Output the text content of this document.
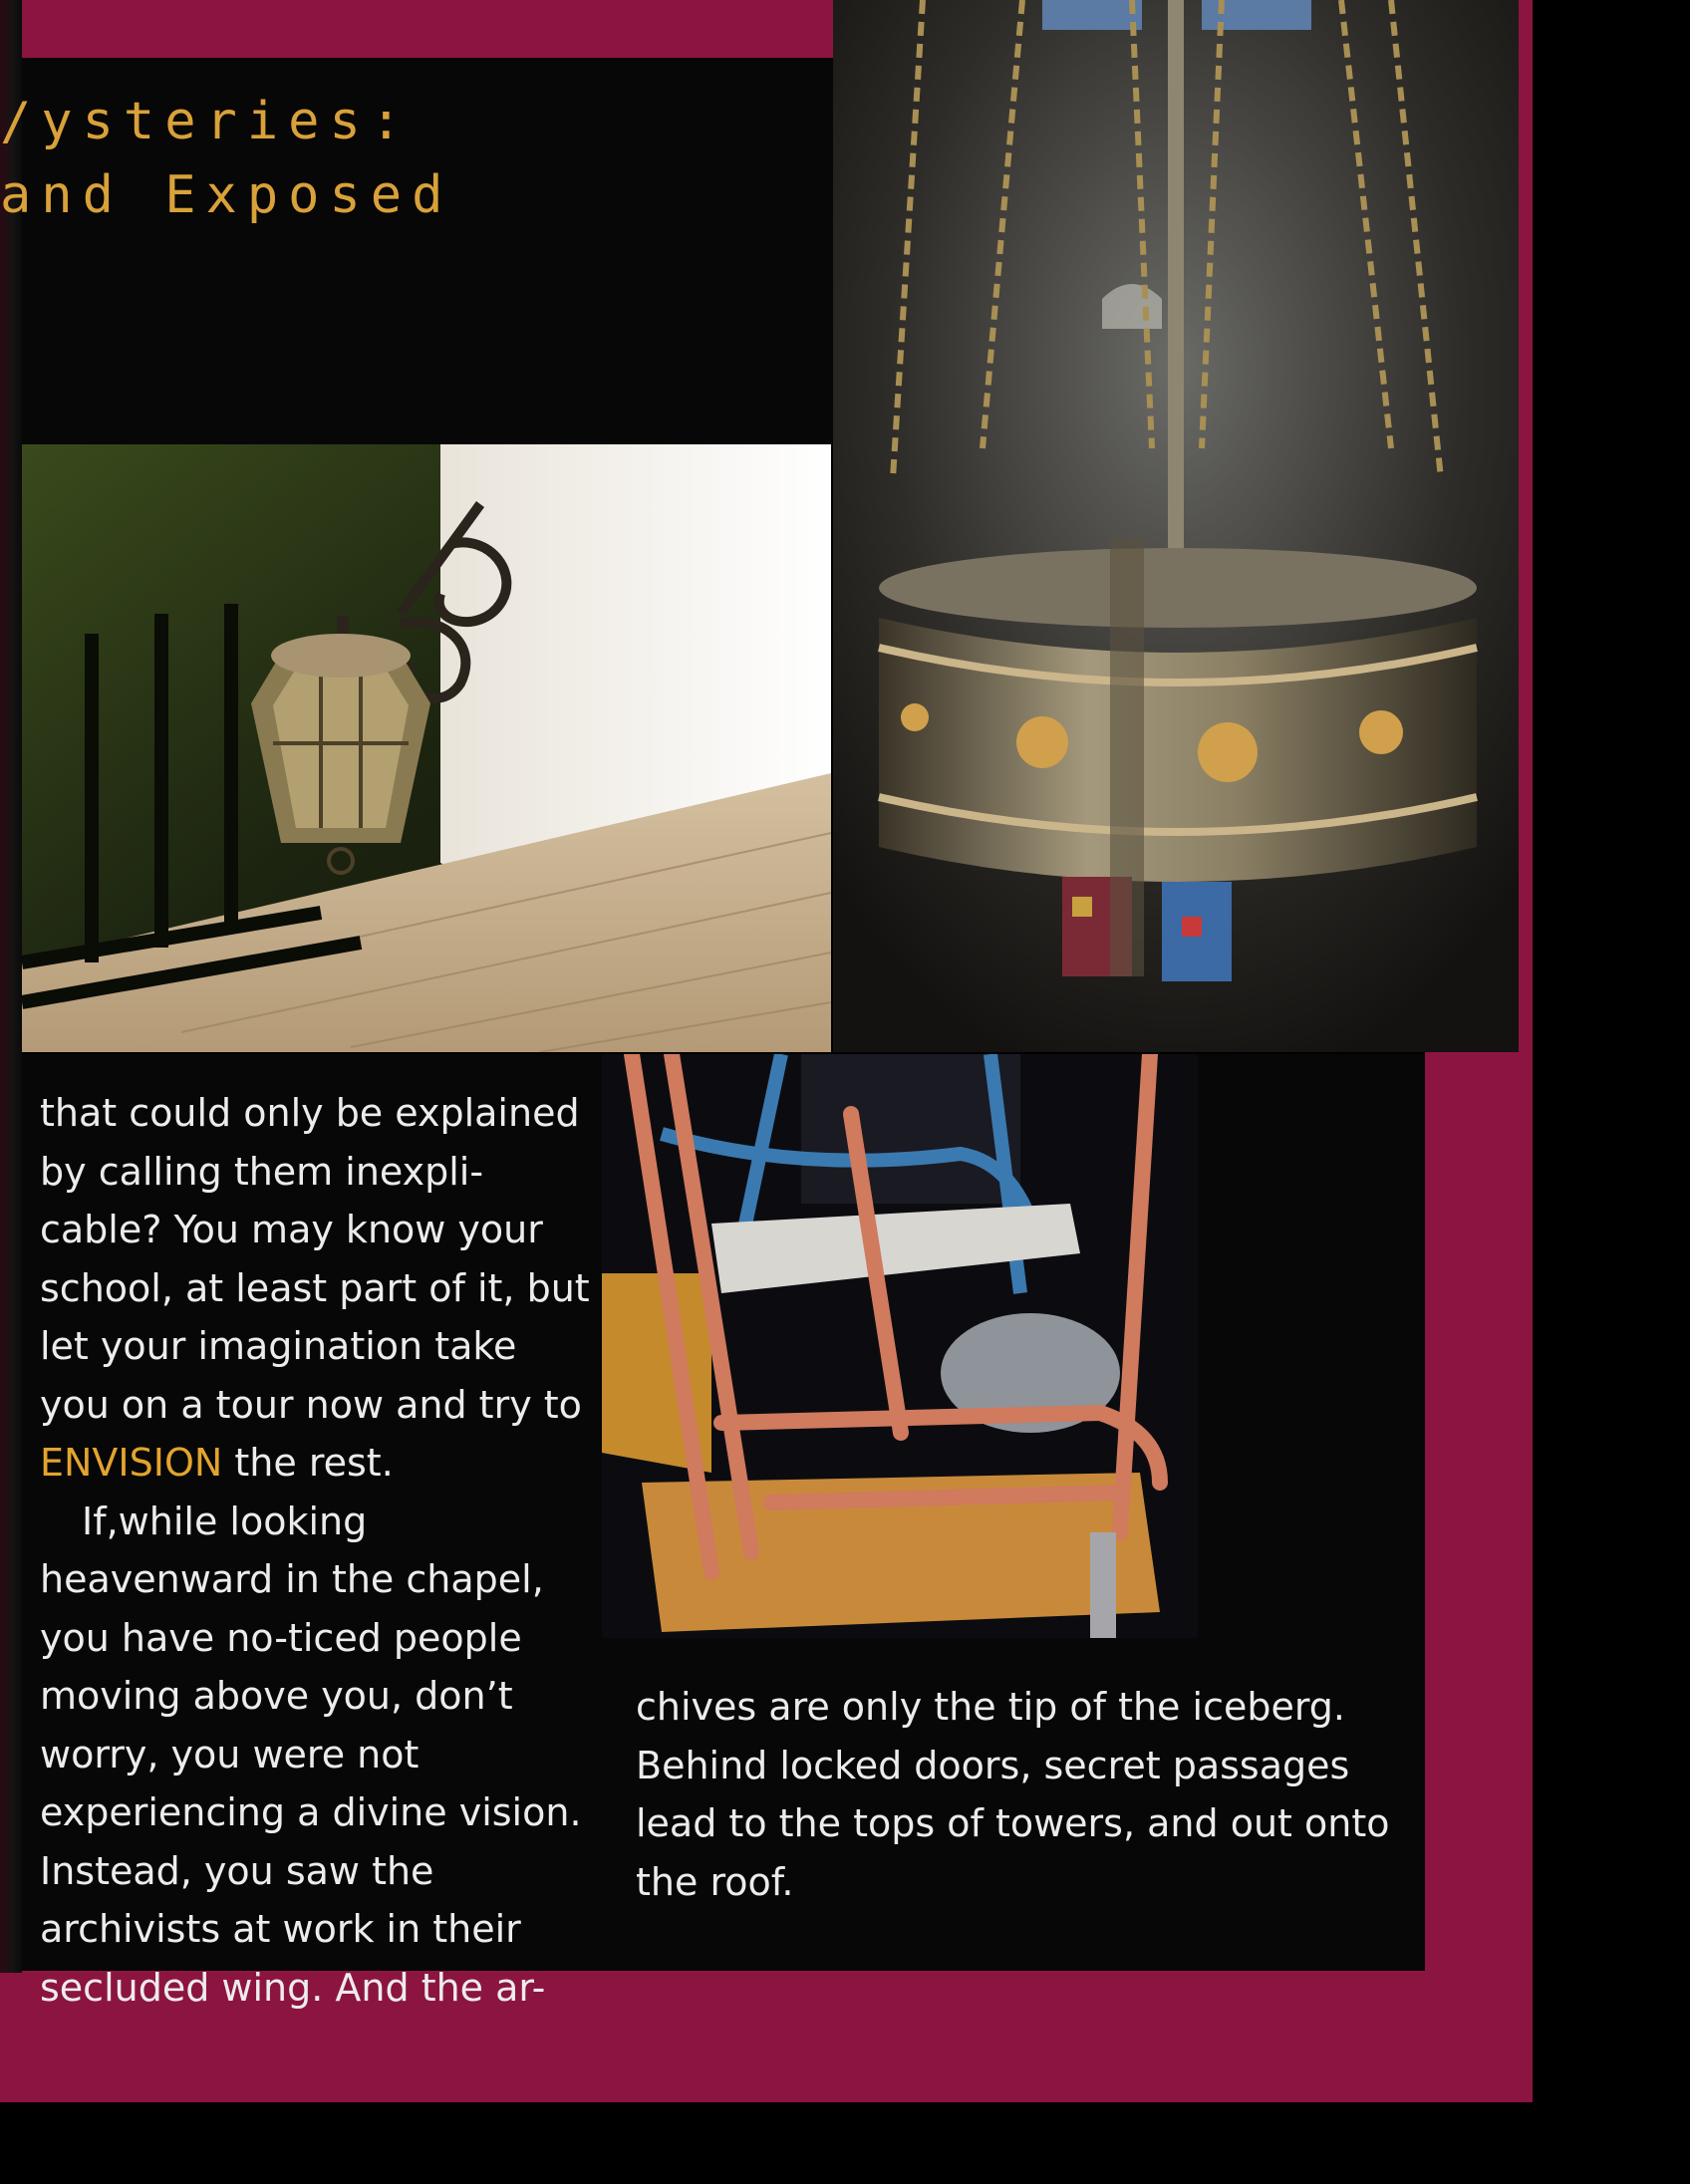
/ysteries:
and Exposed

that could only be explained by calling them inexpli-cable? You may know your school, at least part of it, but let your imagination take you on a tour now and try to ENVISION the rest.

If,while looking heavenward in the chapel, you have no-ticed people moving above you, don’t worry, you were not experiencing a divine vision. Instead, you saw the archivists at work in their secluded wing. And the ar-

chives are only the tip of the iceberg. Behind locked doors, secret passages lead to the tops of towers, and out onto the roof.
